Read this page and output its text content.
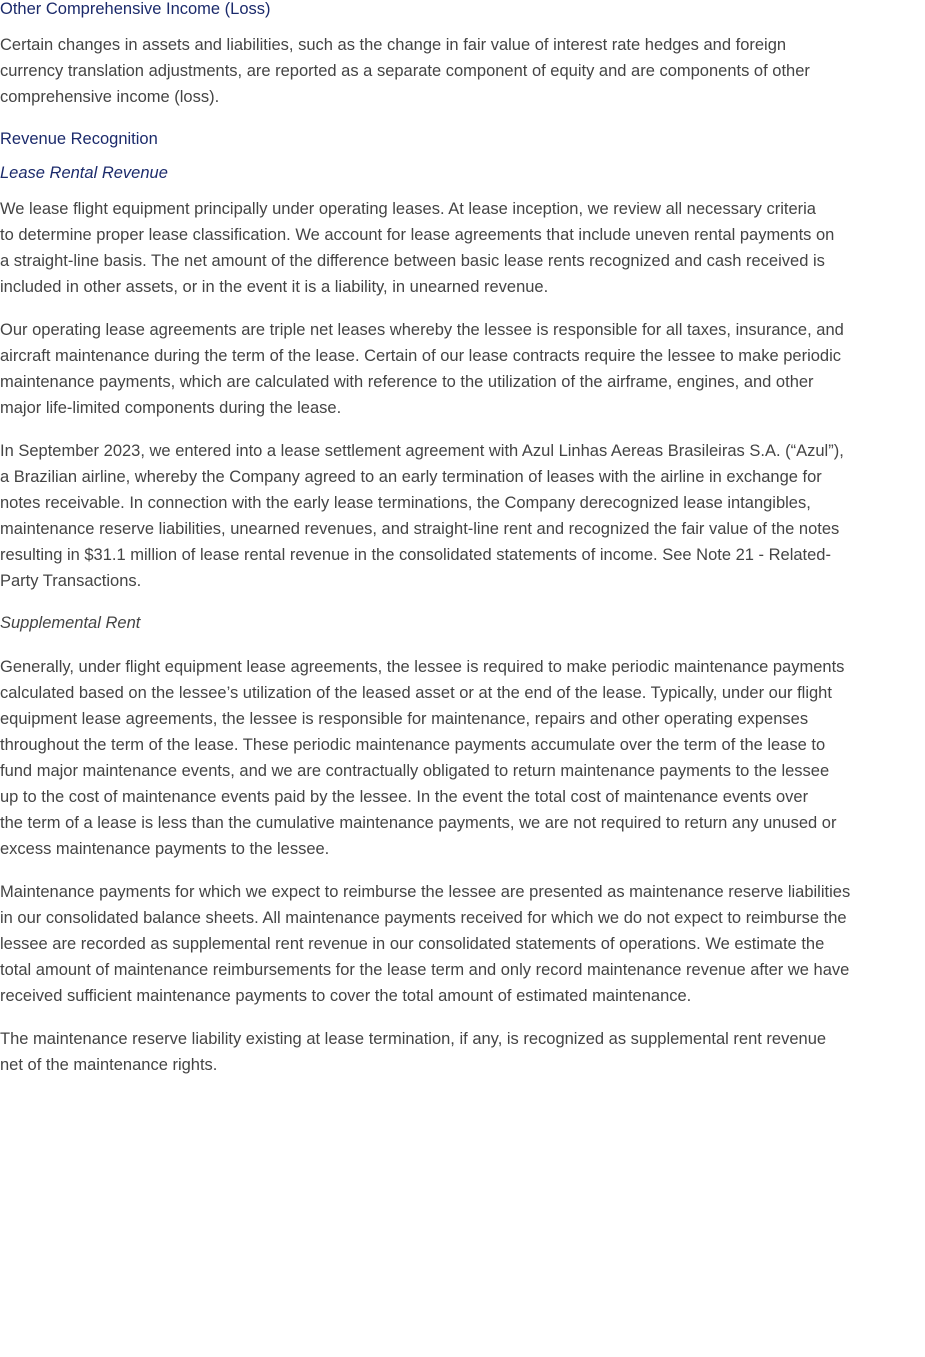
Other Comprehensive Income (Loss)

Certain changes in assets and liabilities, such as the change in fair value of interest rate hedges and foreign
currency translation adjustments, are reported as a separate component of equity and are components of other
comprehensive income (loss).

Revenue Recognition
Lease Rental Revenue

We lease flight equipment principally under operating leases. At lease inception, we review all necessary criteria
to determine proper lease classification. We account for lease agreements that include uneven rental payments on
a straight-line basis. The net amount of the difference between basic lease rents recognized and cash received is
included in other assets, or in the event it is a liability, in unearned revenue.

Our operating lease agreements are triple net leases whereby the lessee is responsible for all taxes, insurance, and
aircraft maintenance during the term of the lease. Certain of our lease contracts require the lessee to make periodic
maintenance payments, which are calculated with reference to the utilization of the airframe, engines, and other
major life-limited components during the lease.

In September 2023, we entered into a lease settlement agreement with Azul Linhas Aereas Brasileiras S.A. (“Azul”),
a Brazilian airline, whereby the Company agreed to an early termination of leases with the airline in exchange for
notes receivable. In connection with the early lease terminations, the Company derecognized lease intangibles,
maintenance reserve liabilities, unearned revenues, and straight-line rent and recognized the fair value of the notes
resulting in $31.1 million of lease rental revenue in the consolidated statements of income. See Note 21 - Related-
Party Transactions.

Supplemental Rent

Generally, under flight equipment lease agreements, the lessee is required to make periodic maintenance payments
calculated based on the lessee’s utilization of the leased asset or at the end of the lease. Typically, under our flight
equipment lease agreements, the lessee is responsible for maintenance, repairs and other operating expenses
throughout the term of the lease. These periodic maintenance payments accumulate over the term of the lease to
fund major maintenance events, and we are contractually obligated to return maintenance payments to the lessee
up to the cost of maintenance events paid by the lessee. In the event the total cost of maintenance events over
the term of a lease is less than the cumulative maintenance payments, we are not required to return any unused or
excess maintenance payments to the lessee.

Maintenance payments for which we expect to reimburse the lessee are presented as maintenance reserve liabilities
in our consolidated balance sheets. All maintenance payments received for which we do not expect to reimburse the
lessee are recorded as supplemental rent revenue in our consolidated statements of operations. We estimate the
total amount of maintenance reimbursements for the lease term and only record maintenance revenue after we have
received sufficient maintenance payments to cover the total amount of estimated maintenance.

The maintenance reserve liability existing at lease termination, if any, is recognized as supplemental rent revenue
net of the maintenance rights.
